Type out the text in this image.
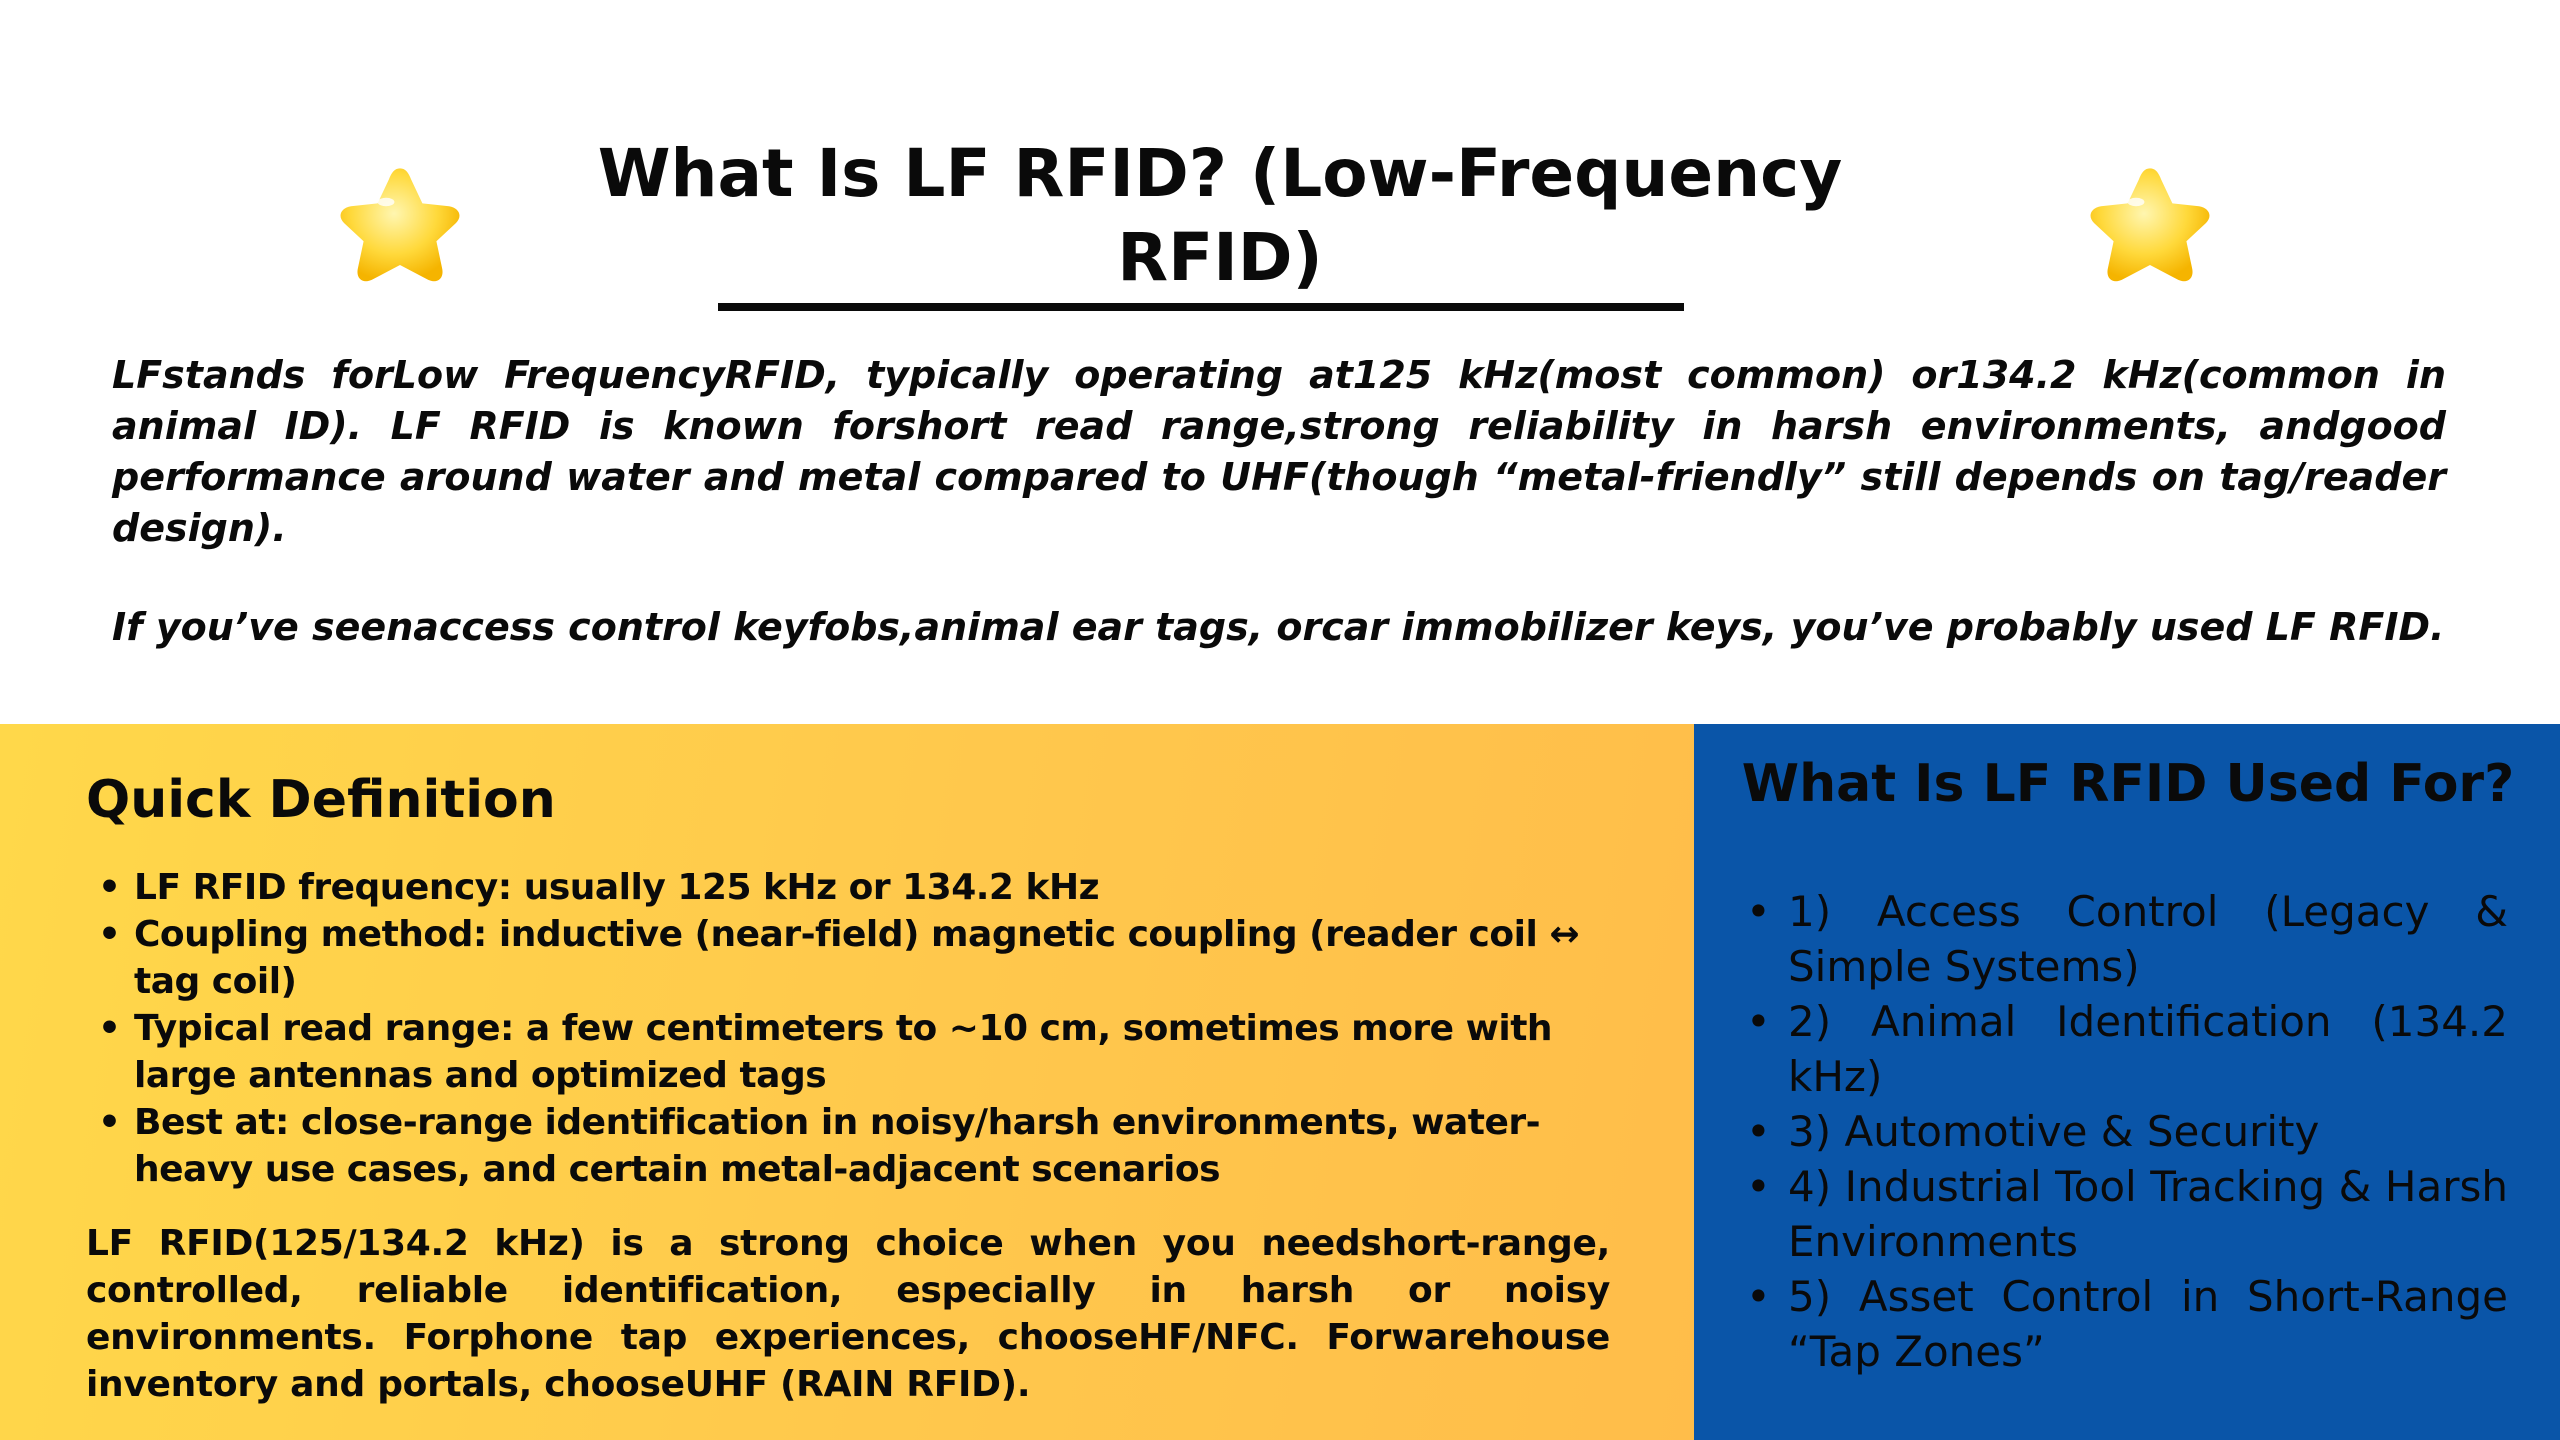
What Is LF RFID? (Low-Frequency RFID)

LFstands forLow FrequencyRFID, typically operating at125 kHz(most common) or134.2 kHz(common in animal ID). LF RFID is known forshort read range,strong reliability in harsh environments, andgood performance around water and metal compared to UHF(though “metal-friendly” still depends on tag/reader design).

If you’ve seenaccess control keyfobs,animal ear tags, orcar immobilizer keys, you’ve probably used LF RFID.

Quick Definition
• LF RFID frequency: usually 125 kHz or 134.2 kHz
• Coupling method: inductive (near-field) magnetic coupling (reader coil ↔ tag coil)
• Typical read range: a few centimeters to ~10 cm, sometimes more with large antennas and optimized tags
• Best at: close-range identification in noisy/harsh environments, water-heavy use cases, and certain metal-adjacent scenarios

LF RFID(125/134.2 kHz) is a strong choice when you needshort-range, controlled, reliable identification, especially in harsh or noisy environments. Forphone tap experiences, chooseHF/NFC. Forwarehouse inventory and portals, chooseUHF (RAIN RFID).

What Is LF RFID Used For?
• 1) Access Control (Legacy & Simple Systems)
• 2) Animal Identification (134.2 kHz)
• 3) Automotive & Security
• 4) Industrial Tool Tracking & Harsh Environments
• 5) Asset Control in Short-Range “Tap Zones”
